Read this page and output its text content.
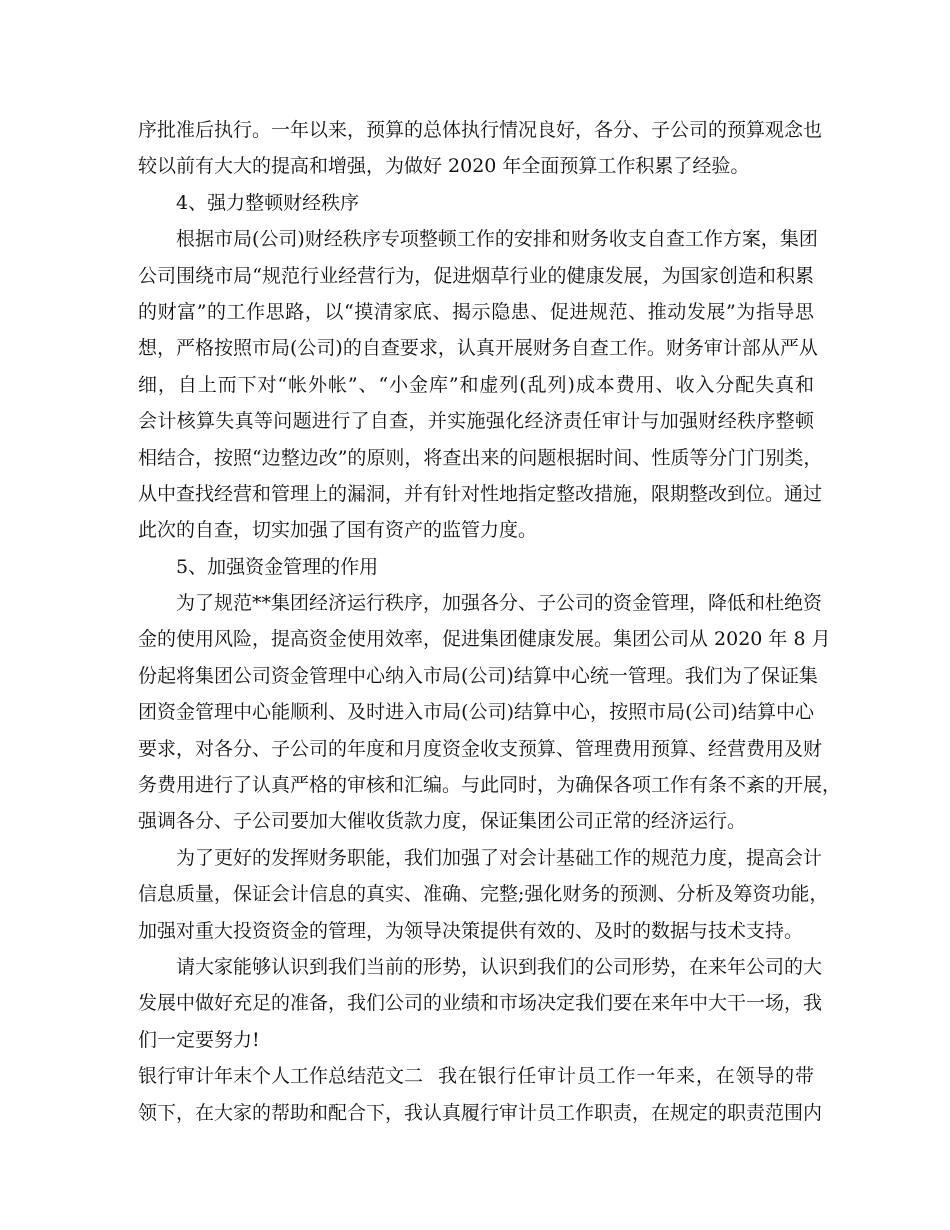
序批准后执行。一年以来，预算的总体执行情况良好，各分、子公司的预算观念也
较以前有大大的提高和增强，为做好 2020 年全面预算工作积累了经验。
4、强力整顿财经秩序
根据市局(公司)财经秩序专项整顿工作的安排和财务收支自查工作方案，集团
公司围绕市局“规范行业经营行为，促进烟草行业的健康发展，为国家创造和积累
的财富”的工作思路，以“摸清家底、揭示隐患、促进规范、推动发展”为指导思
想，严格按照市局(公司)的自查要求，认真开展财务自查工作。财务审计部从严从
细，自上而下对“帐外帐”、“小金库”和虚列(乱列)成本费用、收入分配失真和
会计核算失真等问题进行了自查，并实施强化经济责任审计与加强财经秩序整顿
相结合，按照“边整边改”的原则，将查出来的问题根据时间、性质等分门门别类，
从中查找经营和管理上的漏洞，并有针对性地指定整改措施，限期整改到位。通过
此次的自查，切实加强了国有资产的监管力度。
5、加强资金管理的作用
为了规范**集团经济运行秩序，加强各分、子公司的资金管理，降低和杜绝资
金的使用风险，提高资金使用效率，促进集团健康发展。集团公司从 2020 年 8 月
份起将集团公司资金管理中心纳入市局(公司)结算中心统一管理。我们为了保证集
团资金管理中心能顺利、及时进入市局(公司)结算中心，按照市局(公司)结算中心
要求，对各分、子公司的年度和月度资金收支预算、管理费用预算、经营费用及财
务费用进行了认真严格的审核和汇编。与此同时，为确保各项工作有条不紊的开展，
强调各分、子公司要加大催收货款力度，保证集团公司正常的经济运行。
为了更好的发挥财务职能，我们加强了对会计基础工作的规范力度，提高会计
信息质量，保证会计信息的真实、准确、完整;强化财务的预测、分析及筹资功能，
加强对重大投资资金的管理，为领导决策提供有效的、及时的数据与技术支持。
请大家能够认识到我们当前的形势，认识到我们的公司形势，在来年公司的大
发展中做好充足的准备，我们公司的业绩和市场决定我们要在来年中大干一场，我
们一定要努力!
银行审计年末个人工作总结范文二 我在银行任审计员工作一年来，在领导的带
领下，在大家的帮助和配合下，我认真履行审计员工作职责，在规定的职责范围内
